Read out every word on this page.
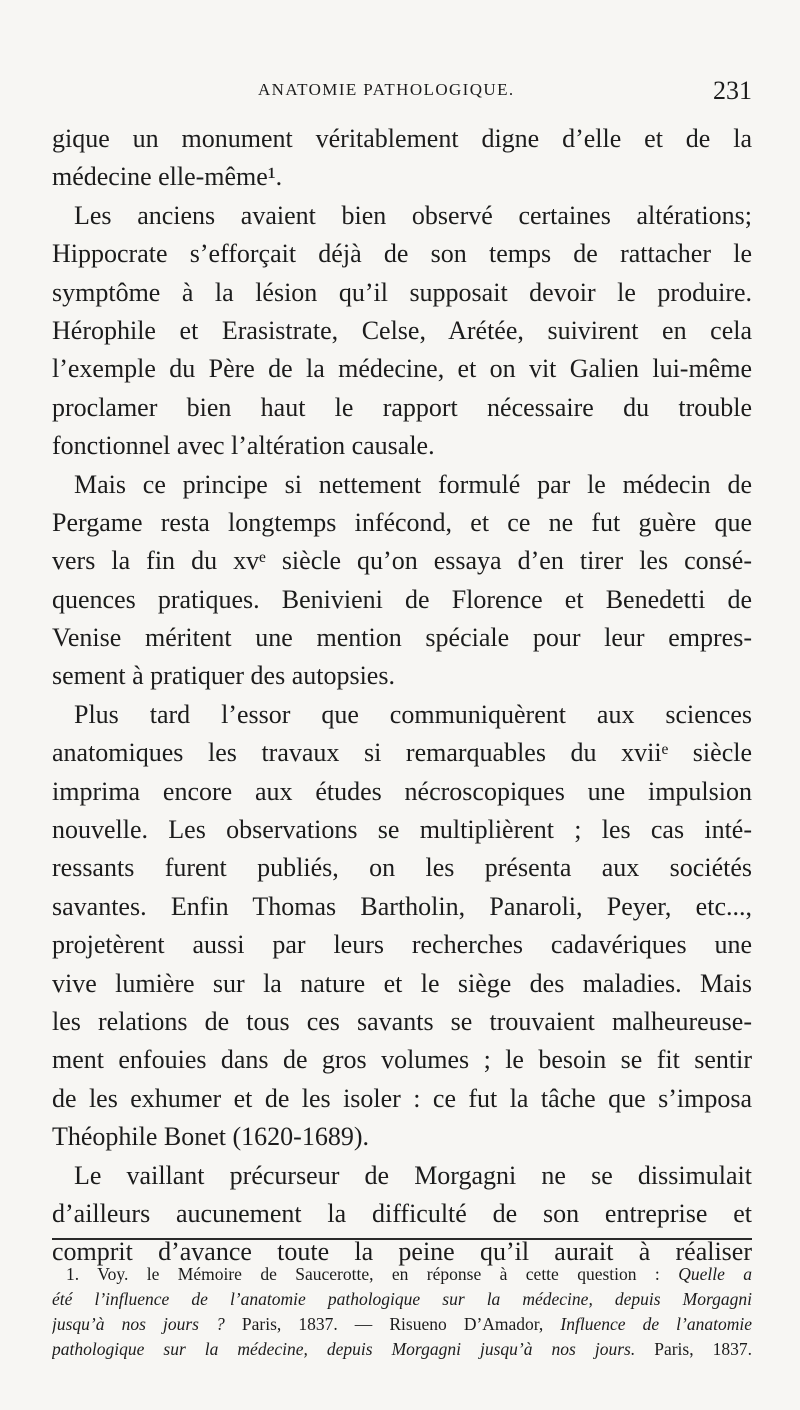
ANATOMIE PATHOLOGIQUE.	231
gique un monument véritablement digne d’elle et de la
médecine elle-même¹.
Les anciens avaient bien observé certaines altérations;
Hippocrate s’efforçait déjà de son temps de rattacher le
symptôme à la lésion qu’il supposait devoir le produire.
Hérophile et Erasistrate, Celse, Arétée, suivirent en cela
l’exemple du Père de la médecine, et on vit Galien lui-même
proclamer bien haut le rapport nécessaire du trouble
fonctionnel avec l’altération causale.
Mais ce principe si nettement formulé par le médecin de
Pergame resta longtemps infécond, et ce ne fut guère que
vers la fin du xvᵉ siècle qu’on essaya d’en tirer les consé-
quences pratiques. Benivieni de Florence et Benedetti de
Venise méritent une mention spéciale pour leur empres-
sement à pratiquer des autopsies.
Plus tard l’essor que communiquèrent aux sciences
anatomiques les travaux si remarquables du xviiᵉ siècle
imprima encore aux études nécroscopiques une impulsion
nouvelle. Les observations se multiplièrent ; les cas inté-
ressants furent publiés, on les présenta aux sociétés
savantes. Enfin Thomas Bartholin, Panaroli, Peyer, etc...,
projetèrent aussi par leurs recherches cadavériques une
vive lumière sur la nature et le siège des maladies. Mais
les relations de tous ces savants se trouvaient malheureuse-
ment enfouies dans de gros volumes ; le besoin se fit sentir
de les exhumer et de les isoler : ce fut la tâche que s’imposa
Théophile Bonet (1620-1689).
Le vaillant précurseur de Morgagni ne se dissimulait
d’ailleurs aucunement la difficulté de son entreprise et
comprit d’avance toute la peine qu’il aurait à réaliser
1. Voy. le Mémoire de Saucerotte, en réponse à cette question : Quelle a
été l’influence de l’anatomie pathologique sur la médecine, depuis Morgagni
jusqu’à nos jours ? Paris, 1837. — Risueno D’Amador, Influence de l’anatomie
pathologique sur la médecine, depuis Morgagni jusqu’à nos jours. Paris, 1837.
